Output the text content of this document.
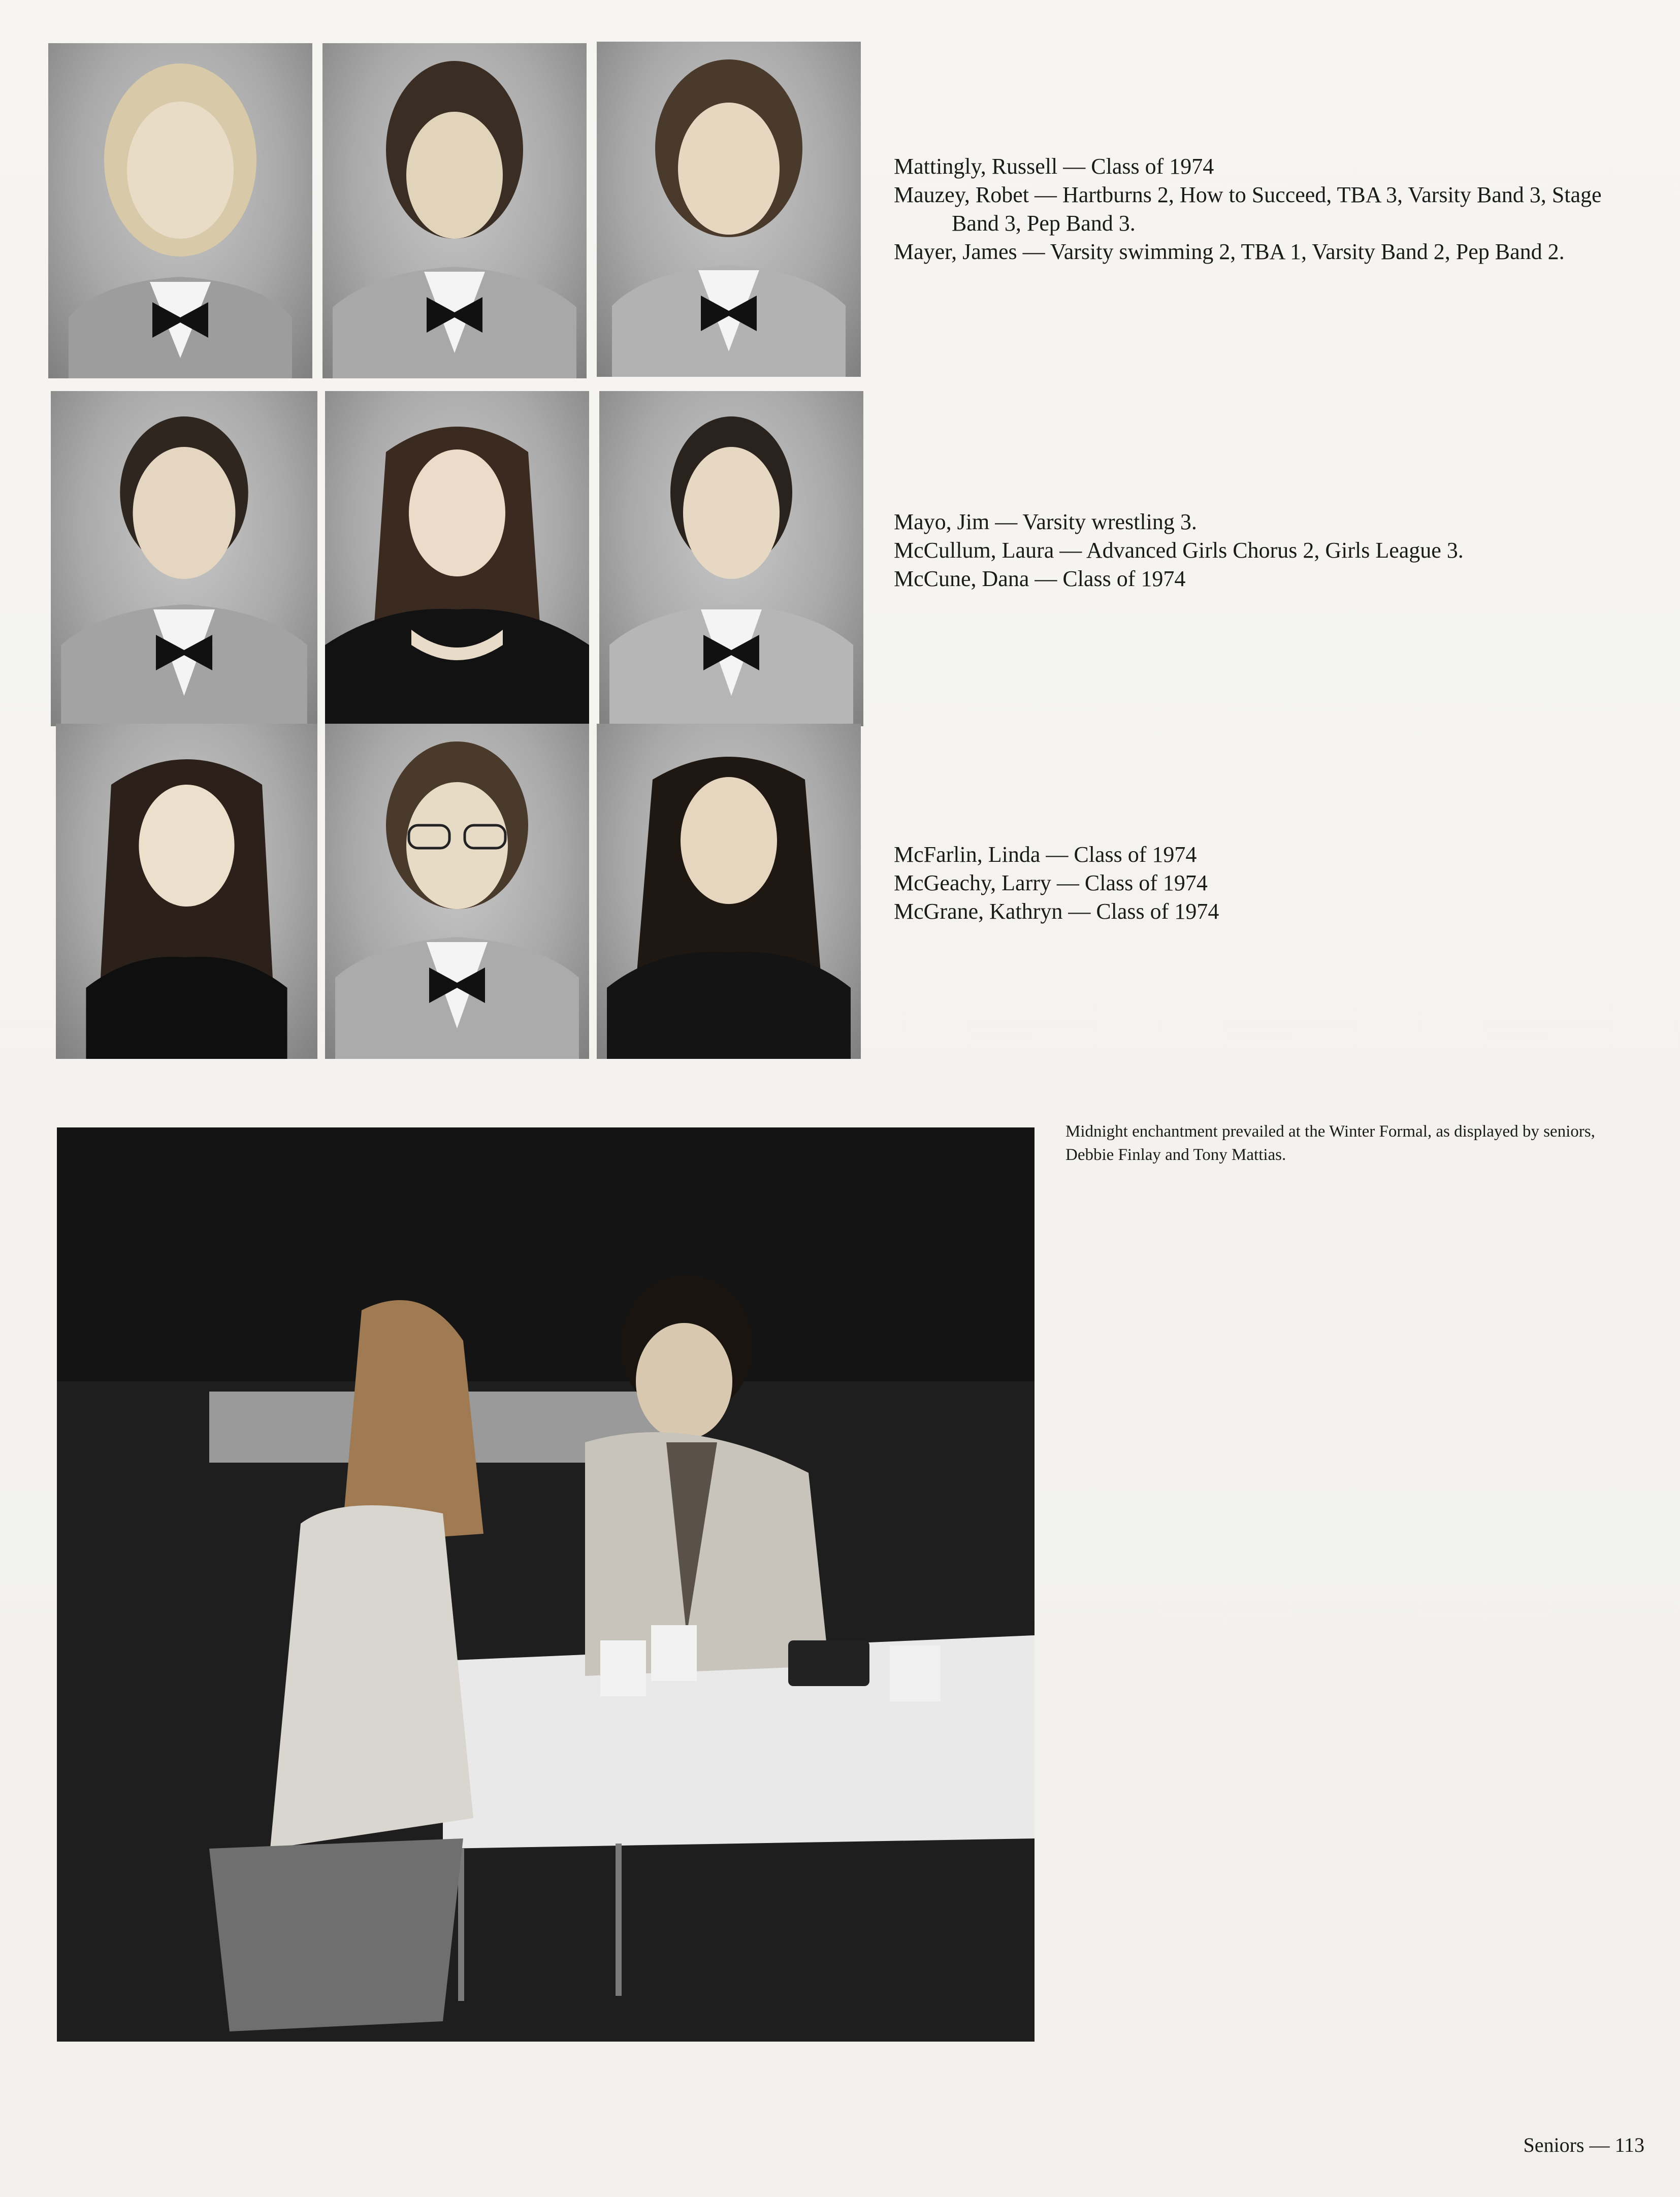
Mattingly, Russell — Class of 1974

Mauzey, Robet — Hartburns 2, How to Succeed, TBA 3, Varsity Band 3, Stage Band 3, Pep Band 3.

Mayer, James — Varsity swimming 2, TBA 1, Varsity Band 2, Pep Band 2.

Mayo, Jim — Varsity wrestling 3.

McCullum, Laura — Advanced Girls Chorus 2, Girls League 3.

McCune, Dana — Class of 1974

McFarlin, Linda — Class of 1974

McGeachy, Larry — Class of 1974

McGrane, Kathryn — Class of 1974

Midnight enchantment prevailed at the Winter Formal, as displayed by seniors, Debbie Finlay and Tony Mattias.
Seniors — 113
